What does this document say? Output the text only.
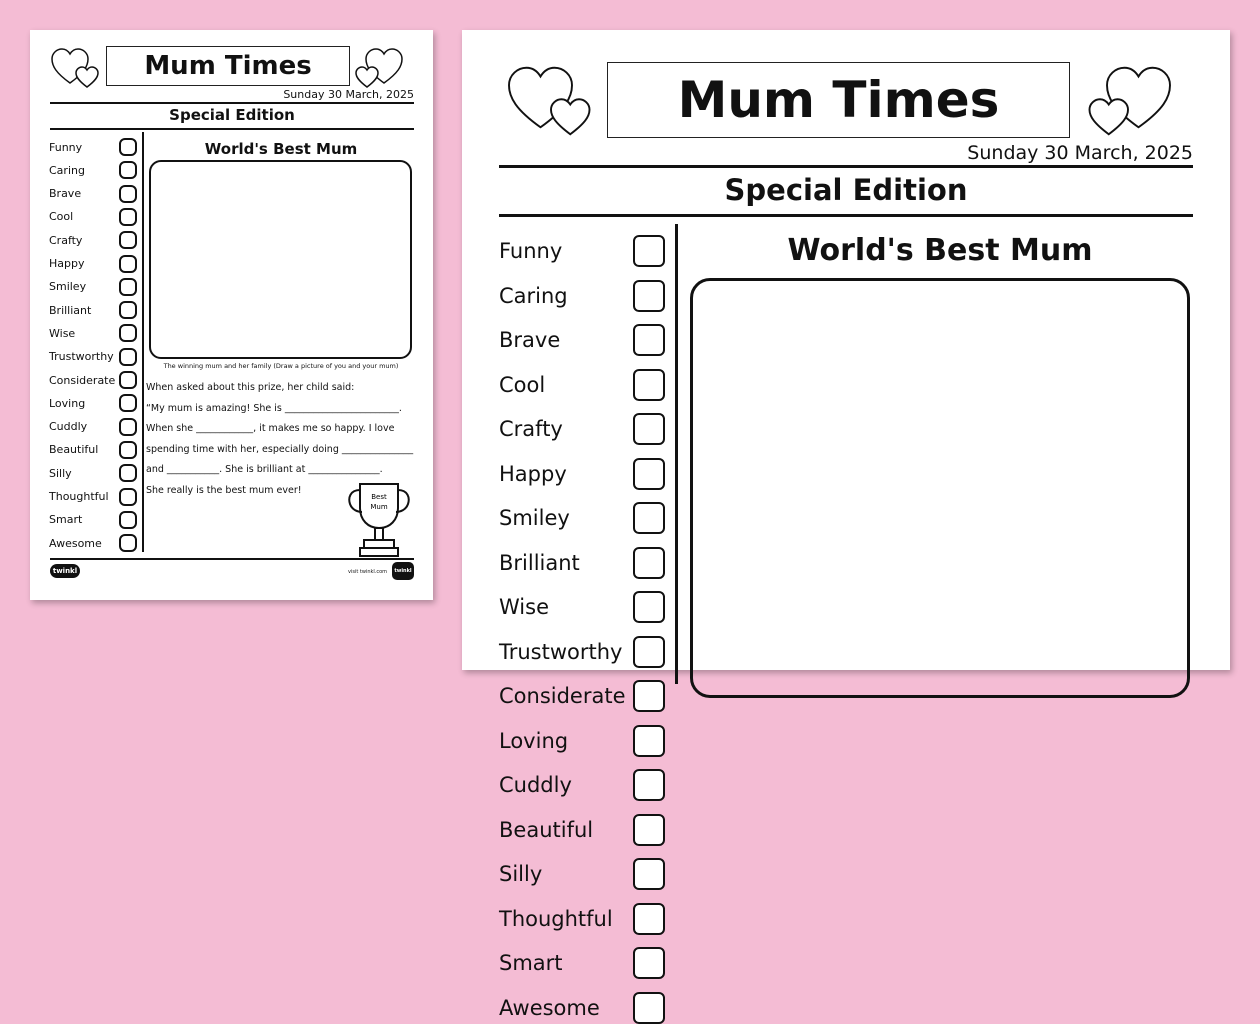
Mum Times
Sunday 30 March, 2025
Special Edition
Funny
Caring
Brave
Cool
Crafty
Happy
Smiley
Brilliant
Wise
Trustworthy
Considerate
Loving
Cuddly
Beautiful
Silly
Thoughtful
Smart
Awesome
World's Best Mum
The winning mum and her family (Draw a picture of you and your mum)
When asked about this prize, her child said:
“My mum is amazing! She is ________________________.
When she ____________, it makes me so happy. I love
spending time with her, especially doing _______________
and ___________. She is brilliant at _______________.
She really is the best mum ever!
Best
Mum
twinkl	visit twinkl.com	twinkl
Mum Times
Sunday 30 March, 2025
Special Edition
Funny
Caring
Brave
Cool
Crafty
Happy
Smiley
Brilliant
Wise
Trustworthy
Considerate
Loving
Cuddly
Beautiful
Silly
Thoughtful
Smart
Awesome
World's Best Mum
